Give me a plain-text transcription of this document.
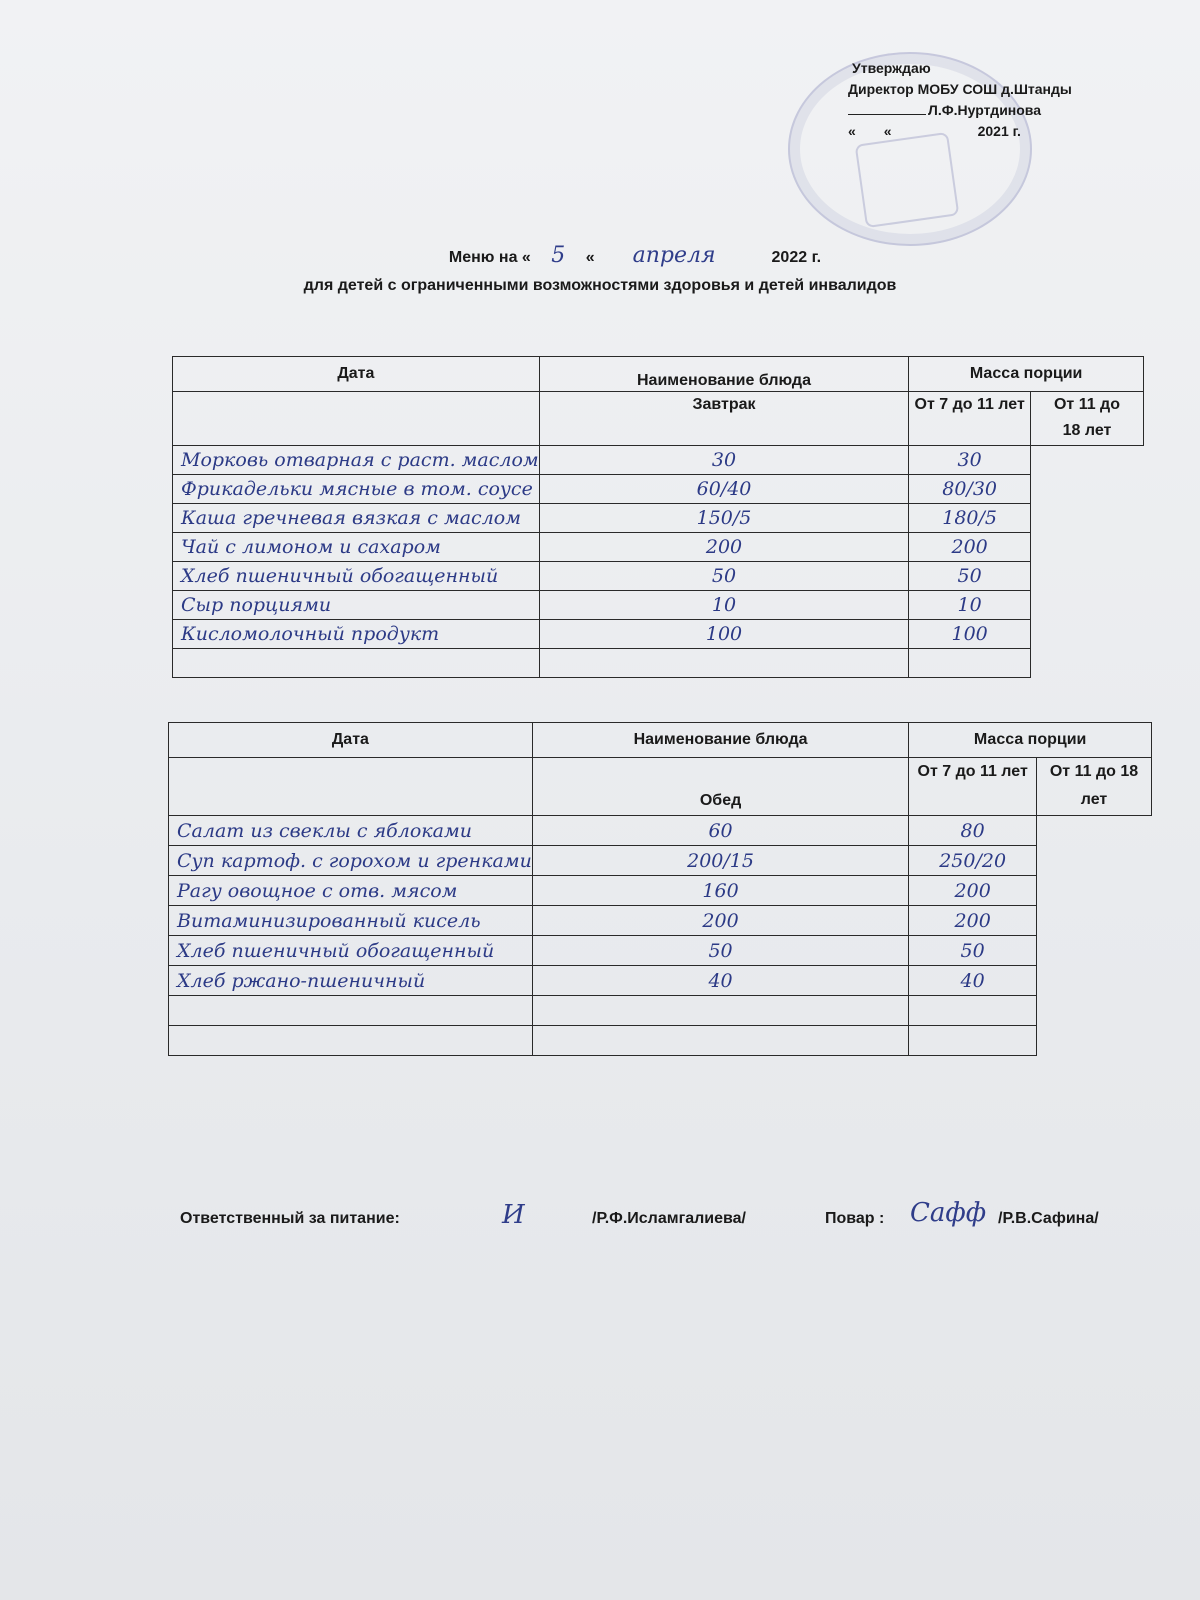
Утверждаю
Директор МОБУ СОШ д.Штанды
Л.Ф.Нуртдинова
« «	2021 г.
Меню на « 5 « апреля	2022 г.
для детей с ограниченными возможностями здоровья и детей инвалидов
Дата	Наименование блюда	Масса порции	
	Завтрак	От 7 до 11 лет	От 11 до 18 лет
Морковь отварная с раст. маслом	30	30	
Фрикадельки мясные в том. соусе	60/40	80/30	
Каша гречневая вязкая с маслом	150/5	180/5	
Чай с лимоном и сахаром	200	200	
Хлеб пшеничный обогащенный	50	50	
Сыр порциями	10	10	
Кисломолочный продукт	100	100	

Дата	Наименование блюда	Масса порции	
	Обед	От 7 до 11 лет	От 11 до 18 лет
Салат из свеклы с яблоками	60	80	
Суп картоф. с горохом и гренками	200/15	250/20	
Рагу овощное с отв. мясом	160	200	
Витаминизированный кисель	200	200	
Хлеб пшеничный обогащенный	50	50	
Хлеб ржано-пшеничный	40	40	

Ответственный за питание:	И	/Р.Ф.Исламгалиева/	Повар : Сафф /Р.В.Сафина/
